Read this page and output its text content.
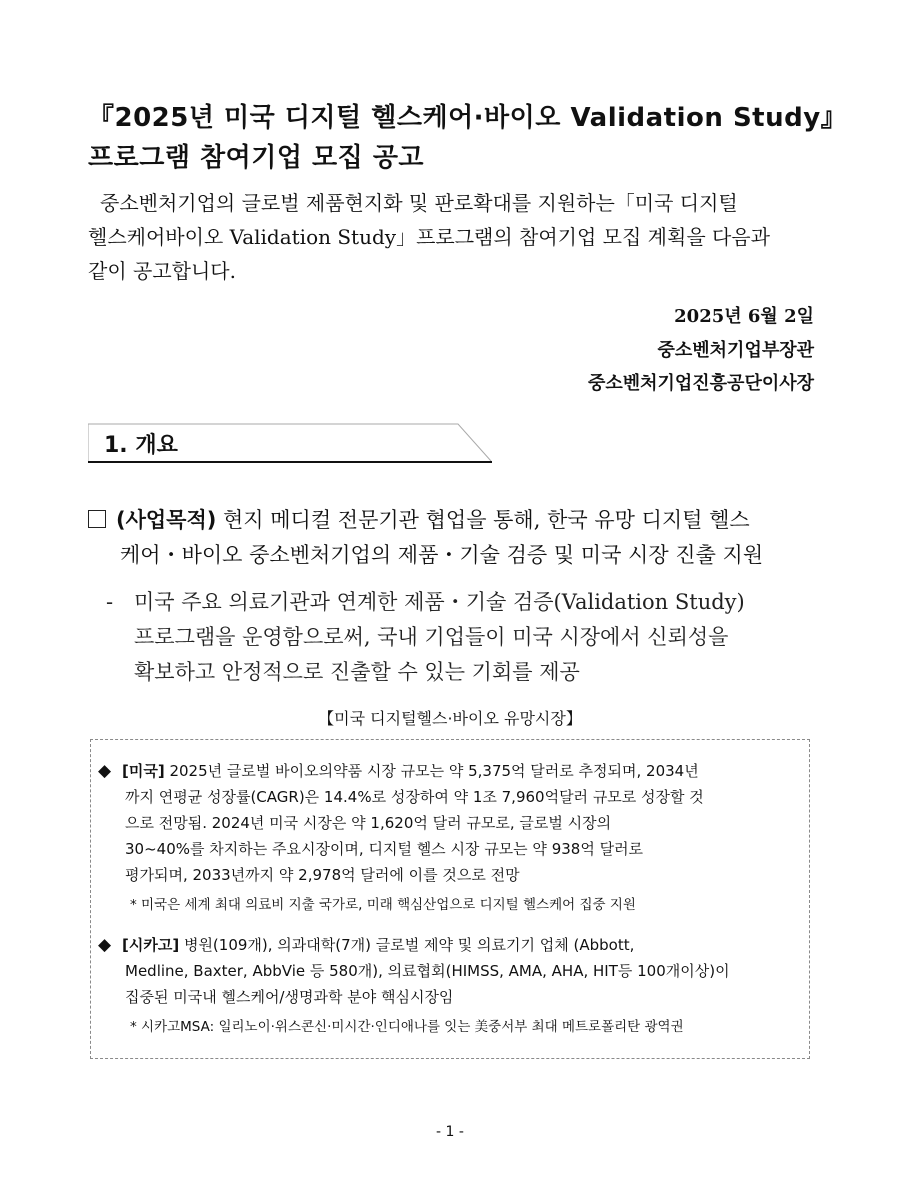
『2025년 미국 디지털 헬스케어·바이오 Validation Study』
프로그램 참여기업 모집 공고
중소벤처기업의 글로벌 제품현지화 및 판로확대를 지원하는「미국 디지털
헬스케어바이오 Validation Study」프로그램의 참여기업 모집 계획을 다음과
같이 공고합니다.
2025년 6월 2일
중소벤처기업부장관
중소벤처기업진흥공단이사장
1. 개요
(사업목적) 현지 메디컬 전문기관 협업을 통해, 한국 유망 디지털 헬스
케어・바이오 중소벤처기업의 제품・기술 검증 및 미국 시장 진출 지원
- 미국 주요 의료기관과 연계한 제품・기술 검증(Validation Study)
프로그램을 운영함으로써, 국내 기업들이 미국 시장에서 신뢰성을
확보하고 안정적으로 진출할 수 있는 기회를 제공
【미국 디지털헬스·바이오 유망시장】
◆ [미국] 2025년 글로벌 바이오의약품 시장 규모는 약 5,375억 달러로 추정되며, 2034년
까지 연평균 성장률(CAGR)은 14.4%로 성장하여 약 1조 7,960억달러 규모로 성장할 것
으로 전망됨. 2024년 미국 시장은 약 1,620억 달러 규모로, 글로벌 시장의
30~40%를 차지하는 주요시장이며, 디지털 헬스 시장 규모는 약 938억 달러로
평가되며, 2033년까지 약 2,978억 달러에 이를 것으로 전망
* 미국은 세계 최대 의료비 지출 국가로, 미래 핵심산업으로 디지털 헬스케어 집중 지원
◆ [시카고] 병원(109개), 의과대학(7개) 글로벌 제약 및 의료기기 업체 (Abbott,
Medline, Baxter, AbbVie 등 580개), 의료협회(HIMSS, AMA, AHA, HIT등 100개이상)이
집중된 미국내 헬스케어/생명과학 분야 핵심시장임
* 시카고MSA: 일리노이·위스콘신·미시간·인디애나를 잇는 美중서부 최대 메트로폴리탄 광역권
- 1 -
